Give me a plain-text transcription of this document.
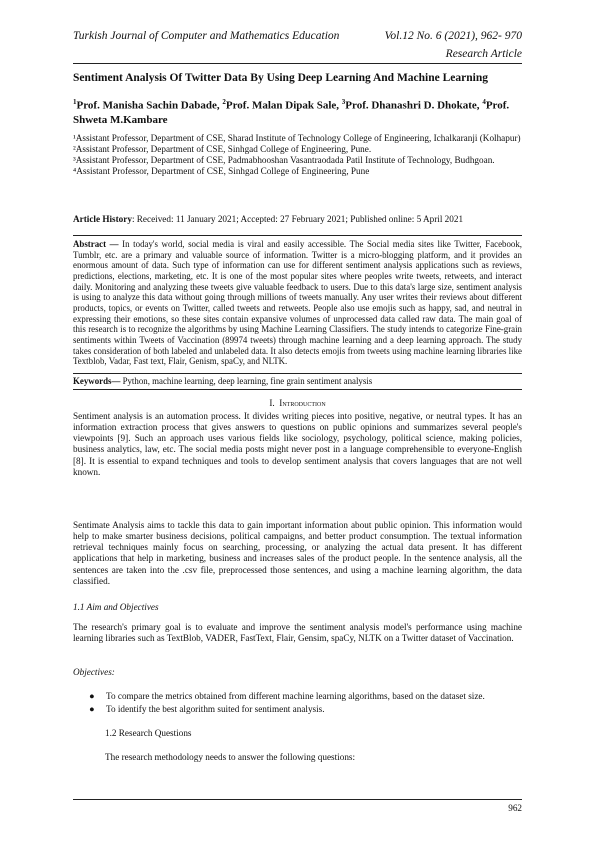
Turkish Journal of Computer and Mathematics Education	Vol.12 No. 6 (2021), 962- 970
Research Article
Sentiment Analysis Of Twitter Data By Using Deep Learning And Machine Learning
$^1$Prof. Manisha Sachin Dabade, $^2$Prof. Malan Dipak Sale, $^3$Prof. Dhanashri D. Dhokate, $^4$Prof. Shweta M.Kambare
¹Assistant Professor, Department of CSE, Sharad Institute of Technology College of Engineering, Ichalkaranji (Kolhapur)
²Assistant Professor, Department of CSE, Sinhgad College of Engineering, Pune.
³Assistant Professor, Department of CSE, Padmabhooshan Vasantraodada Patil Institute of Technology, Budhgoan.
⁴Assistant Professor, Department of CSE, Sinhgad College of Engineering, Pune
Article History: Received: 11 January 2021; Accepted: 27 February 2021; Published online: 5 April 2021
Abstract — In today's world, social media is viral and easily accessible. The Social media sites like Twitter, Facebook, Tumblr, etc. are a primary and valuable source of information. Twitter is a micro-blogging platform, and it provides an enormous amount of data. Such type of information can use for different sentiment analysis applications such as reviews, predictions, elections, marketing, etc. It is one of the most popular sites where peoples write tweets, retweets, and interact daily. Monitoring and analyzing these tweets give valuable feedback to users. Due to this data's large size, sentiment analysis is using to analyze this data without going through millions of tweets manually. Any user writes their reviews about different products, topics, or events on Twitter, called tweets and retweets. People also use emojis such as happy, sad, and neutral in expressing their emotions, so these sites contain expansive volumes of unprocessed data called raw data. The main goal of this research is to recognize the algorithms by using Machine Learning Classifiers. The study intends to categorize Fine-grain sentiments within Tweets of Vaccination (89974 tweets) through machine learning and a deep learning approach. The study takes consideration of both labeled and unlabeled data. It also detects emojis from tweets using machine learning libraries like Textblob, Vadar, Fast text, Flair, Genism, spaCy, and NLTK.
Keywords— Python, machine learning, deep learning, fine grain sentiment analysis
I. Introduction
Sentiment analysis is an automation process. It divides writing pieces into positive, negative, or neutral types. It has an information extraction process that gives answers to questions on public opinions and summarizes several people's viewpoints [9]. Such an approach uses various fields like sociology, psychology, political science, making policies, business analytics, law, etc. The social media posts might never post in a language comprehensible to everyone-English [8]. It is essential to expand techniques and tools to develop sentiment analysis that covers languages that are not well known.
Sentimate Analysis aims to tackle this data to gain important information about public opinion. This information would help to make smarter business decisions, political campaigns, and better product consumption. The textual information retrieval techniques mainly focus on searching, processing, or analyzing the actual data present. It has different applications that help in marketing, business and increases sales of the product people. In the sentence analysis, all the sentences are taken into the .csv file, preprocessed those sentences, and using a machine learning algorithm, the data classified.
1.1 Aim and Objectives
The research's primary goal is to evaluate and improve the sentiment analysis model's performance using machine learning libraries such as TextBlob, VADER, FastText, Flair, Gensim, spaCy, NLTK on a Twitter dataset of Vaccination.
Objectives:
● To compare the metrics obtained from different machine learning algorithms, based on the dataset size.
● To identify the best algorithm suited for sentiment analysis.
1.2 Research Questions
The research methodology needs to answer the following questions:
962
